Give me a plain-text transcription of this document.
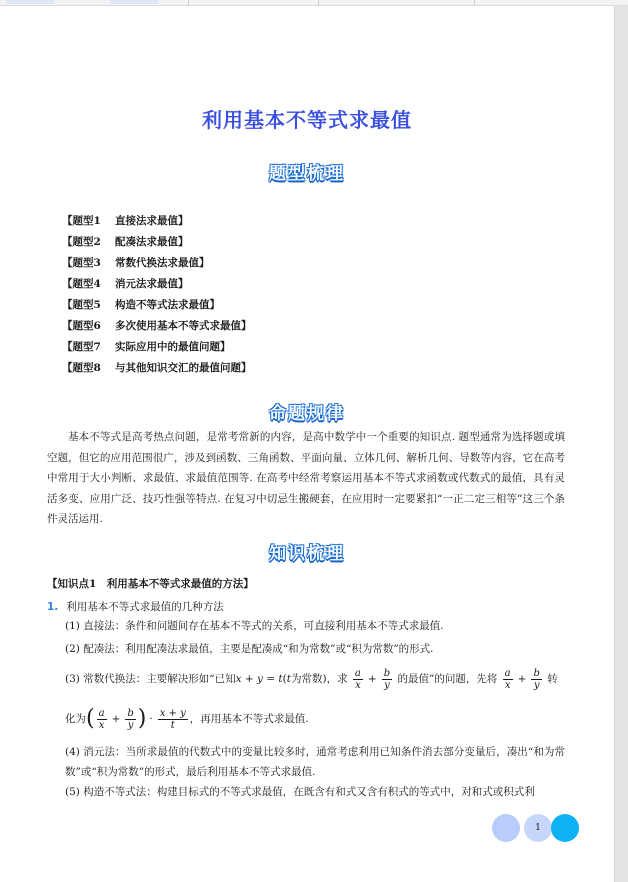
利用基本不等式求最值
题型梳理
【题型1 直接法求最值】
【题型2 配凑法求最值】
【题型3 常数代换法求最值】
【题型4 消元法求最值】
【题型5 构造不等式法求最值】
【题型6 多次使用基本不等式求最值】
【题型7 实际应用中的最值问题】
【题型8 与其他知识交汇的最值问题】
命题规律
基本不等式是高考热点问题，是常考常新的内容，是高中数学中一个重要的知识点. 题型通常为选择题或填空题，但它的应用范围很广，涉及到函数、三角函数、平面向量、立体几何、解析几何、导数等内容，它在高考中常用于大小判断、求最值、求最值范围等. 在高考中经常考察运用基本不等式求函数或代数式的最值，具有灵活多变、应用广泛、技巧性强等特点. 在复习中切忌生搬硬套，在应用时一定要紧扣“一正二定三相等”这三个条件灵活运用.
知识梳理
【知识点1　利用基本不等式求最值的方法】
1. 利用基本不等式求最值的几种方法
(1) 直接法：条件和问题间存在基本不等式的关系，可直接利用基本不等式求最值.
(2) 配凑法：利用配凑法求最值，主要是配凑成“和为常数”或“积为常数”的形式.
(3) 常数代换法：主要解决形如“已知x + y = t(t为常数)，求 $\frac{a}{x} + \frac{b}{y}$ 的最值”的问题，先将 $\frac{a}{x} + \frac{b}{y}$ 转
化为( $\frac{a}{x} + \frac{b}{y}$ ) · $\frac{x + y}{t}$ ，再用基本不等式求最值.
(4) 消元法：当所求最值的代数式中的变量比较多时，通常考虑利用已知条件消去部分变量后，凑出“和为常数”或“积为常数”的形式，最后利用基本不等式求最值.
(5) 构造不等式法：构建目标式的不等式求最值，在既含有和式又含有积式的等式中，对和式或积式利
1
